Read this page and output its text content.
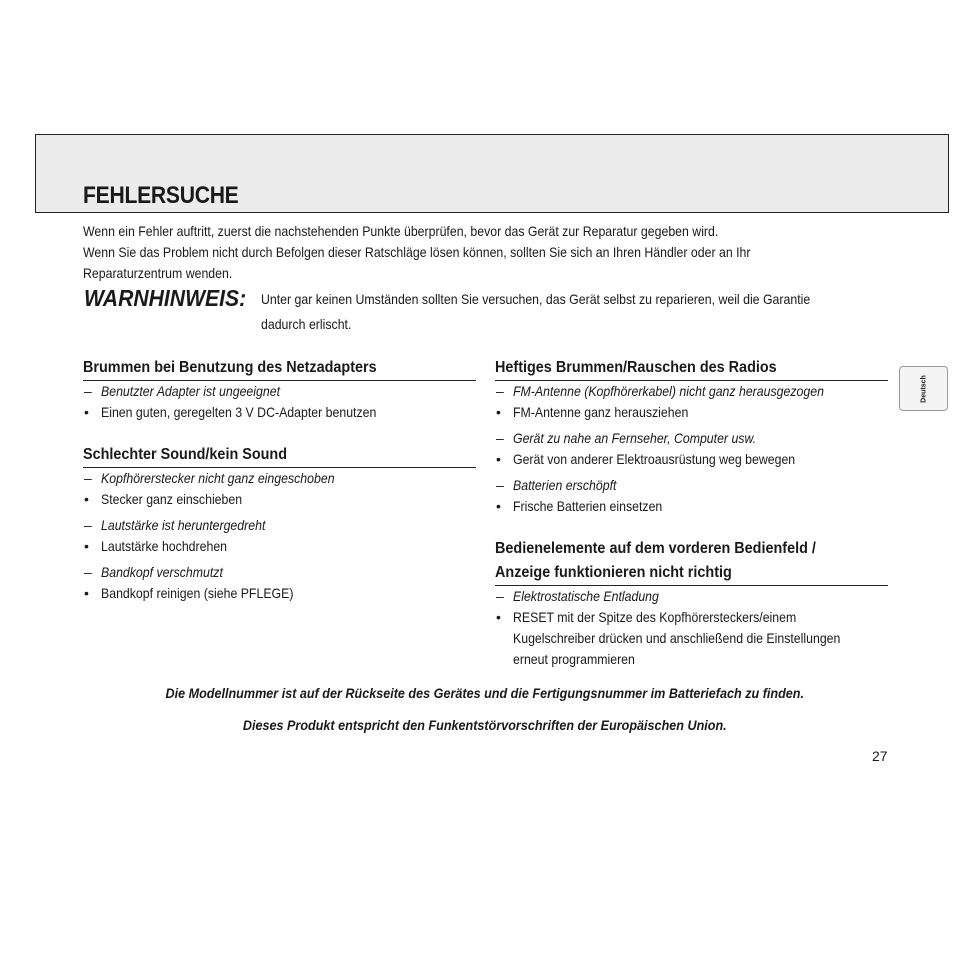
FEHLERSUCHE
Wenn ein Fehler auftritt, zuerst die nachstehenden Punkte überprüfen, bevor das Gerät zur Reparatur gegeben wird.
Wenn Sie das Problem nicht durch Befolgen dieser Ratschläge lösen können, sollten Sie sich an Ihren Händler oder an Ihr
Reparaturzentrum wenden.
WARNHINWEIS: Unter gar keinen Umständen sollten Sie versuchen, das Gerät selbst zu reparieren, weil die Garantie
dadurch erlischt.
Brummen bei Benutzung des Netzadapters
– Benutzter Adapter ist ungeeignet
• Einen guten, geregelten 3 V DC-Adapter benutzen
Schlechter Sound/kein Sound
– Kopfhörerstecker nicht ganz eingeschoben
• Stecker ganz einschieben
– Lautstärke ist heruntergedreht
• Lautstärke hochdrehen
– Bandkopf verschmutzt
• Bandkopf reinigen (siehe PFLEGE)
Heftiges Brummen/Rauschen des Radios
– FM-Antenne (Kopfhörerkabel) nicht ganz herausgezogen
• FM-Antenne ganz herausziehen
– Gerät zu nahe an Fernseher, Computer usw.
• Gerät von anderer Elektroausrüstung weg bewegen
– Batterien erschöpft
• Frische Batterien einsetzen
Bedienelemente auf dem vorderen Bedienfeld /
Anzeige funktionieren nicht richtig
– Elektrostatische Entladung
• RESET mit der Spitze des Kopfhörersteckers/einem
Kugelschreiber drücken und anschließend die Einstellungen
erneut programmieren
Deutsch
Die Modellnummer ist auf der Rückseite des Gerätes und die Fertigungsnummer im Batteriefach zu finden.
Dieses Produkt entspricht den Funkentstörvorschriften der Europäischen Union.
27
